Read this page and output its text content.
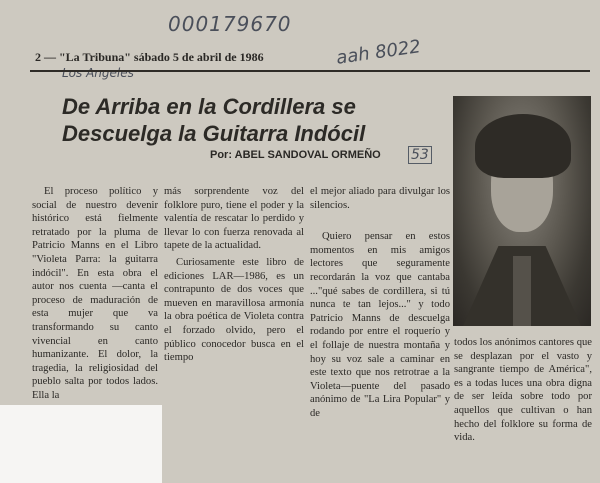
000179670
aah 8022
2 — "La Tribuna" sábado 5 de abril de 1986
Los Angeles
De Arriba en la Cordillera se
Descuelga la Guitarra Indócil
Por: ABEL SANDOVAL ORMEÑO 53

El proceso político y social de nuestro devenir histórico está fielmente retratado por la pluma de Patricio Manns en el Libro "Violeta Parra: la guitarra indócil". En esta obra el autor nos cuenta —canta el proceso de maduración de esta mujer que va transformando su canto vivencial en canto humanizante. El dolor, la tragedia, la religiosidad del pueblo salta por todos lados. Ella la

más sorprendente voz del folklore puro, tiene el poder y la valentía de rescatar lo perdido y llevar lo con fuerza renovada al tapete de la actualidad.

Curiosamente este libro de ediciones LAR—1986, es un contrapunto de dos voces que mueven en maravillosa armonía la obra poética de Violeta contra el forzado olvido, pero el público conocedor busca en el tiempo

el mejor aliado para divulgar los silencios.

Quiero pensar en estos momentos en mis amigos lectores que seguramente recordarán la voz que cantaba ..."qué sabes de cordillera, si tú nunca te tan lejos..." y todo Patricio Manns de descuelga rodando por entre el roquerío y el follaje de nuestra montaña y hoy su voz sale a caminar en este texto que nos retrotrae a la Violeta—puente del pasado anónimo de "La Lira Popular" y de

todos los anónimos cantores que se desplazan por el vasto y sangrante tiempo de América", es a todas luces una obra digna de ser leída sobre todo por aquellos que cultivan o han hecho del folklore su forma de vida.
